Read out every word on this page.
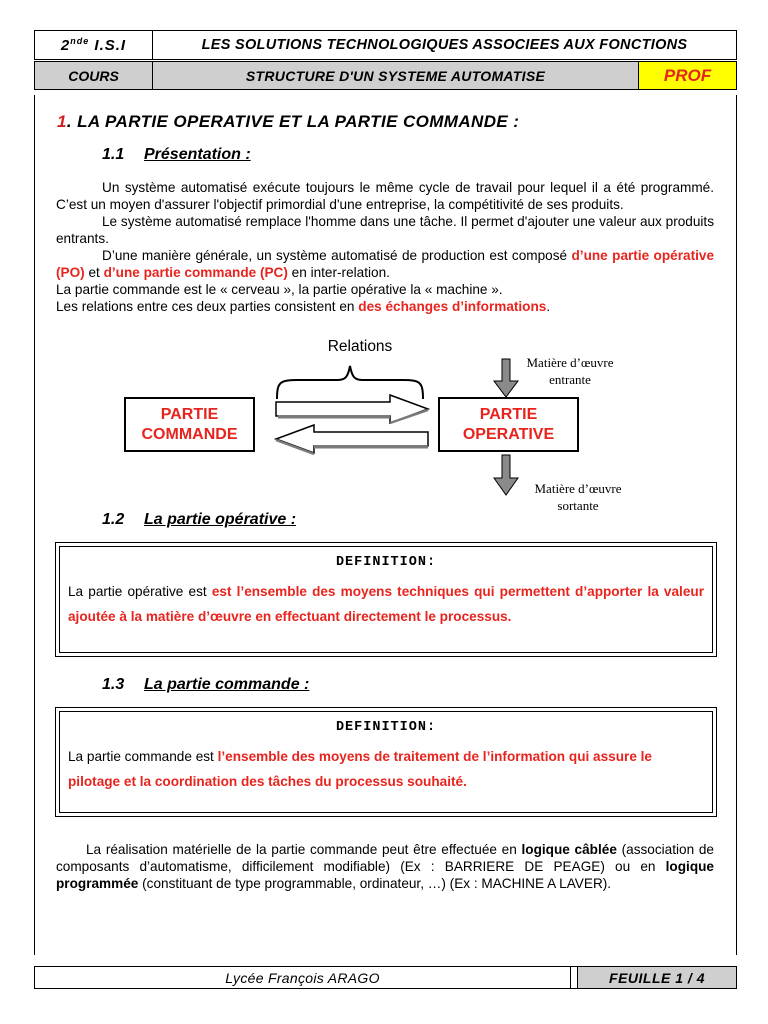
2nde I.S.I	LES SOLUTIONS TECHNOLOGIQUES ASSOCIEES AUX FONCTIONS
COURS	STRUCTURE D'UN SYSTEME AUTOMATISE	PROF
1. LA PARTIE OPERATIVE ET LA PARTIE COMMANDE :
1.1 Présentation :

Un système automatisé exécute toujours le même cycle de travail pour lequel il a été programmé. C’est un moyen d'assurer l'objectif primordial d'une entreprise, la compétitivité de ses produits.

Le système automatisé remplace l'homme dans une tâche. Il permet d'ajouter une valeur aux produits entrants.

D’une manière générale, un système automatisé de production est composé d’une partie opérative (PO) et d’une partie commande (PC) en inter-relation.

La partie commande est le « cerveau », la partie opérative la « machine ».

Les relations entre ces deux parties consistent en des échanges d’informations.

Relations
PARTIE
COMMANDE
PARTIE
OPERATIVE
Matière d’œuvre
entrante
Matière d’œuvre
sortante
1.2 La partie opérative :
DEFINITION:
La partie opérative est est l’ensemble des moyens techniques qui permettent d’apporter la valeur ajoutée à la matière d’œuvre en effectuant directement le processus.
1.3 La partie commande :
DEFINITION:
La partie commande est l’ensemble des moyens de traitement de l’information qui assure le pilotage et la coordination des tâches du processus souhaité.

La réalisation matérielle de la partie commande peut être effectuée en logique câblée (association de composants d’automatisme, difficilement modifiable) (Ex : BARRIERE DE PEAGE) ou en logique programmée (constituant de type programmable, ordinateur, …) (Ex : MACHINE A LAVER).

Lycée François ARAGO	FEUILLE 1 / 4
